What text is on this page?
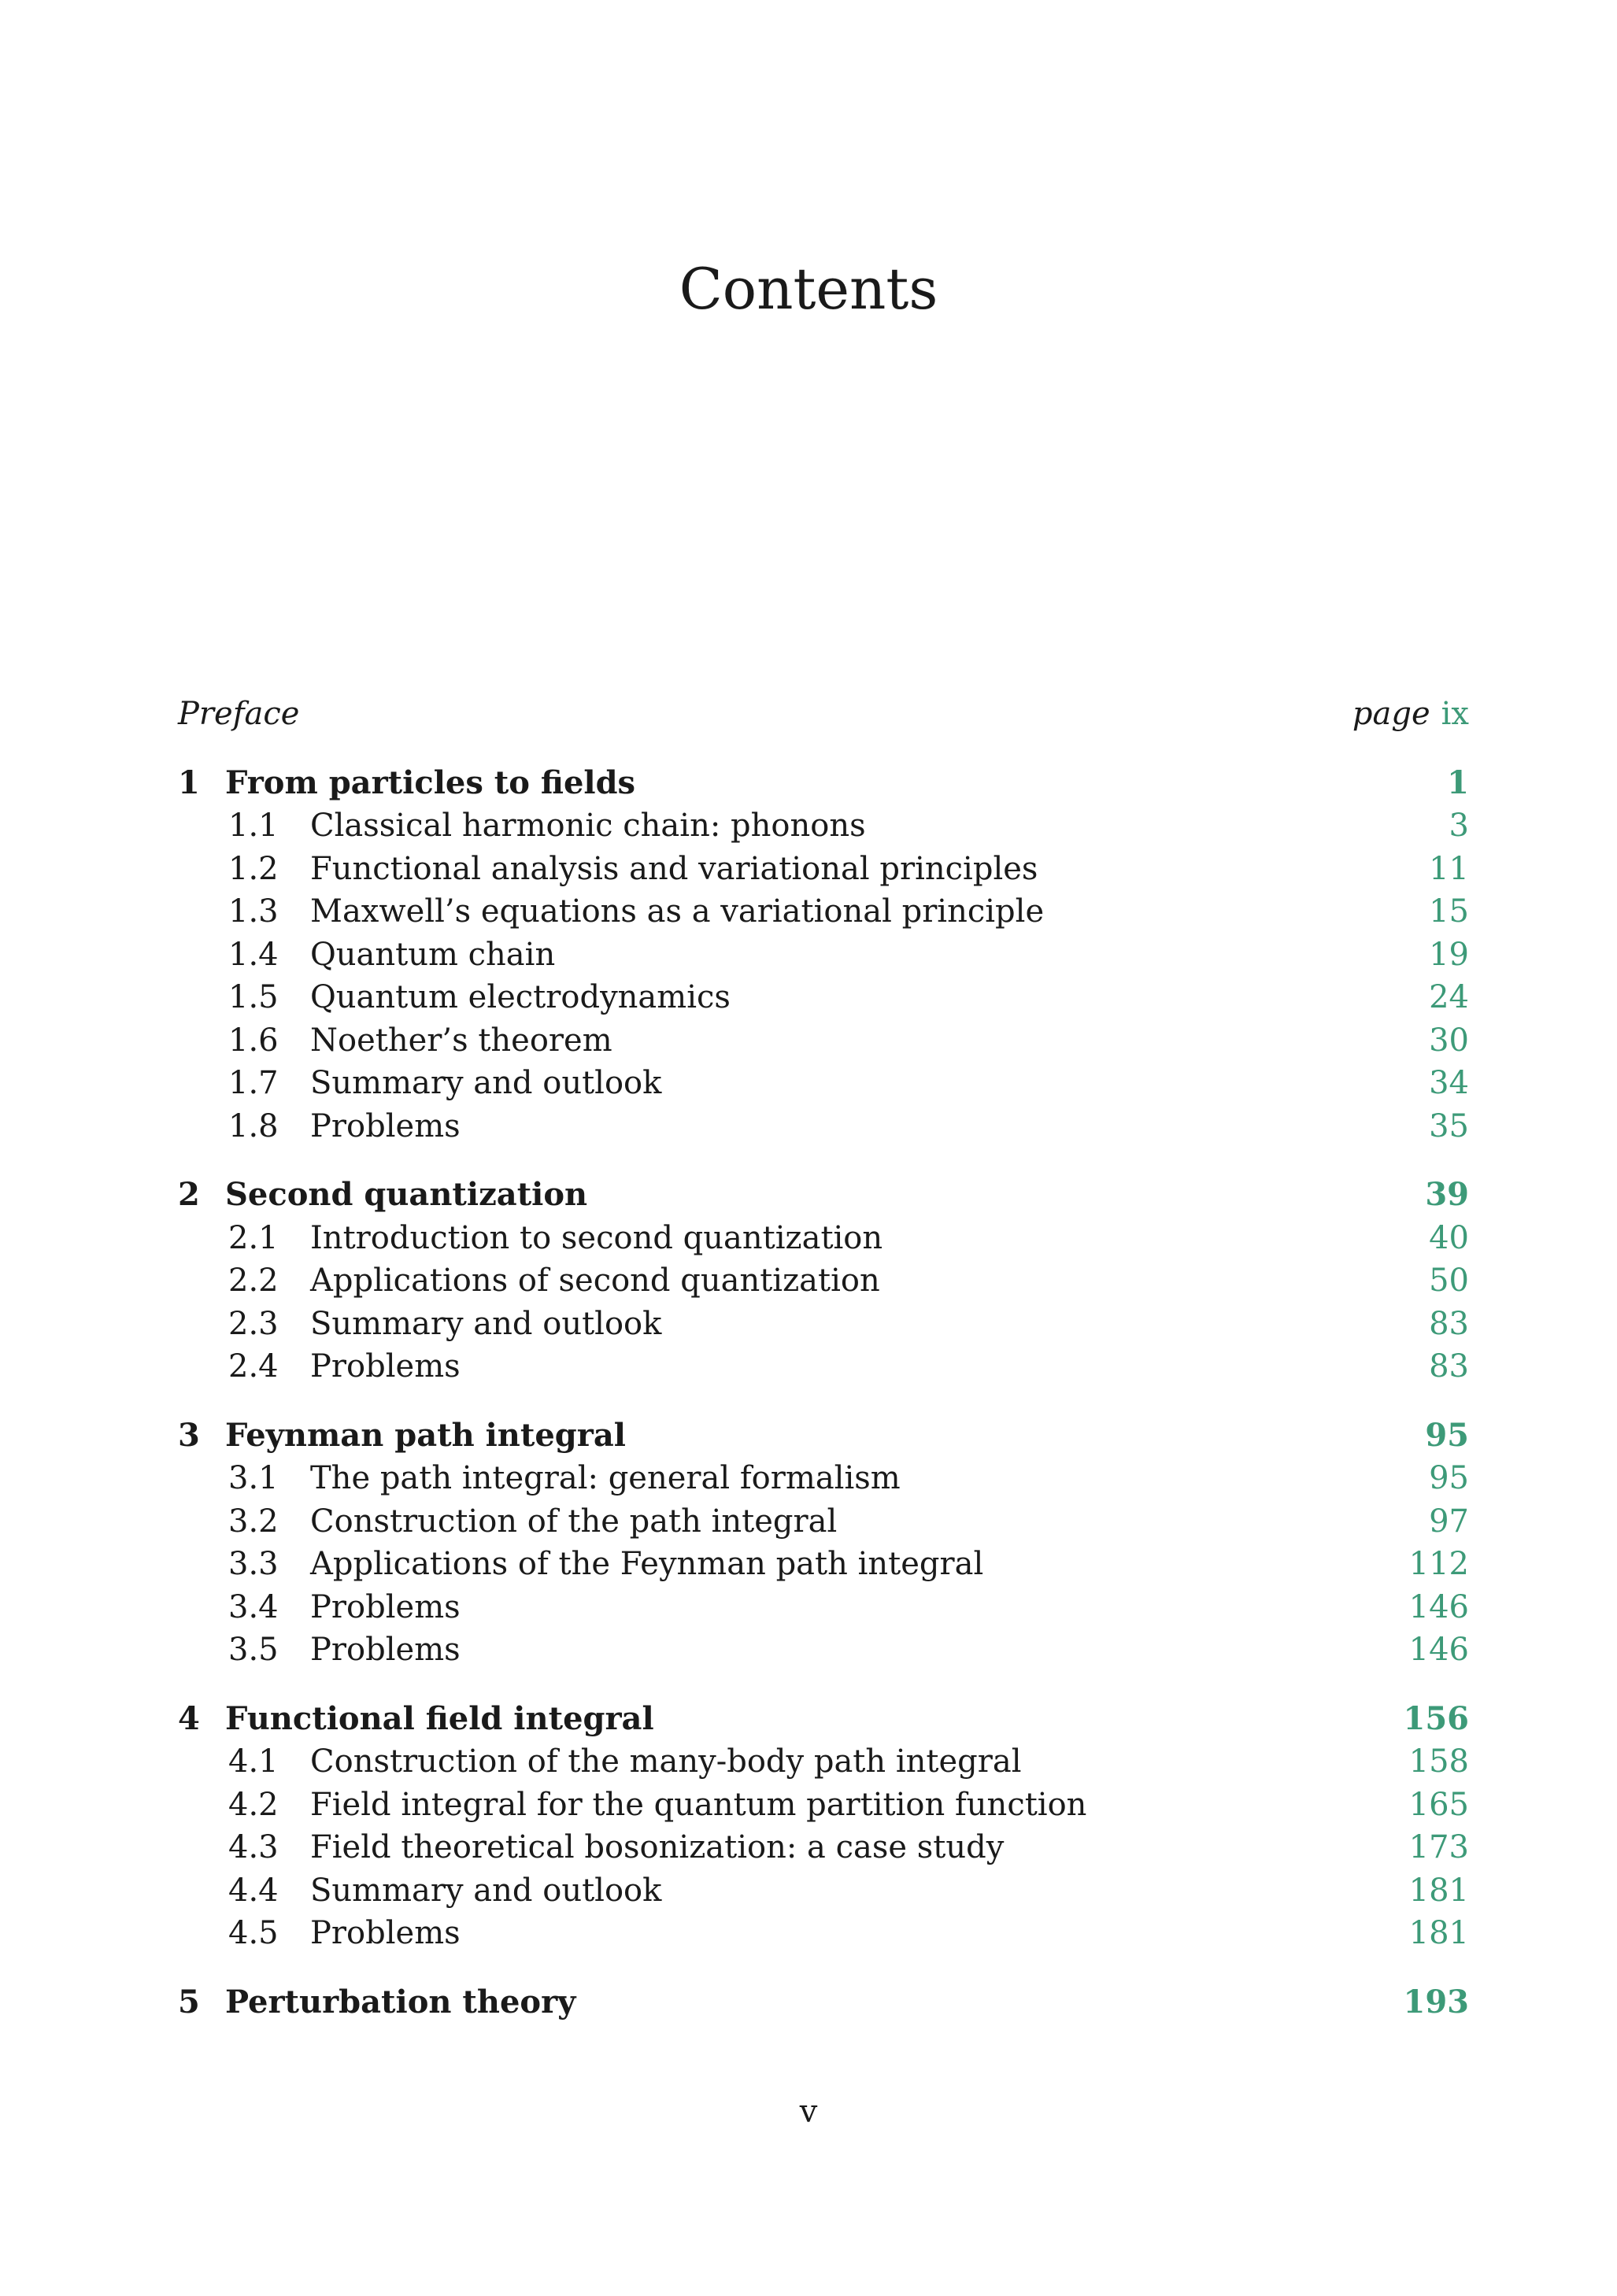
Contents
Preface	page ix
1 From particles to fields	1
1.1 Classical harmonic chain: phonons	3
1.2 Functional analysis and variational principles	11
1.3 Maxwell’s equations as a variational principle	15
1.4 Quantum chain	19
1.5 Quantum electrodynamics	24
1.6 Noether’s theorem	30
1.7 Summary and outlook	34
1.8 Problems	35
2 Second quantization	39
2.1 Introduction to second quantization	40
2.2 Applications of second quantization	50
2.3 Summary and outlook	83
2.4 Problems	83
3 Feynman path integral	95
3.1 The path integral: general formalism	95
3.2 Construction of the path integral	97
3.3 Applications of the Feynman path integral	112
3.4 Problems	146
3.5 Problems	146
4 Functional field integral	156
4.1 Construction of the many-body path integral	158
4.2 Field integral for the quantum partition function	165
4.3 Field theoretical bosonization: a case study	173
4.4 Summary and outlook	181
4.5 Problems	181
5 Perturbation theory	193
v
